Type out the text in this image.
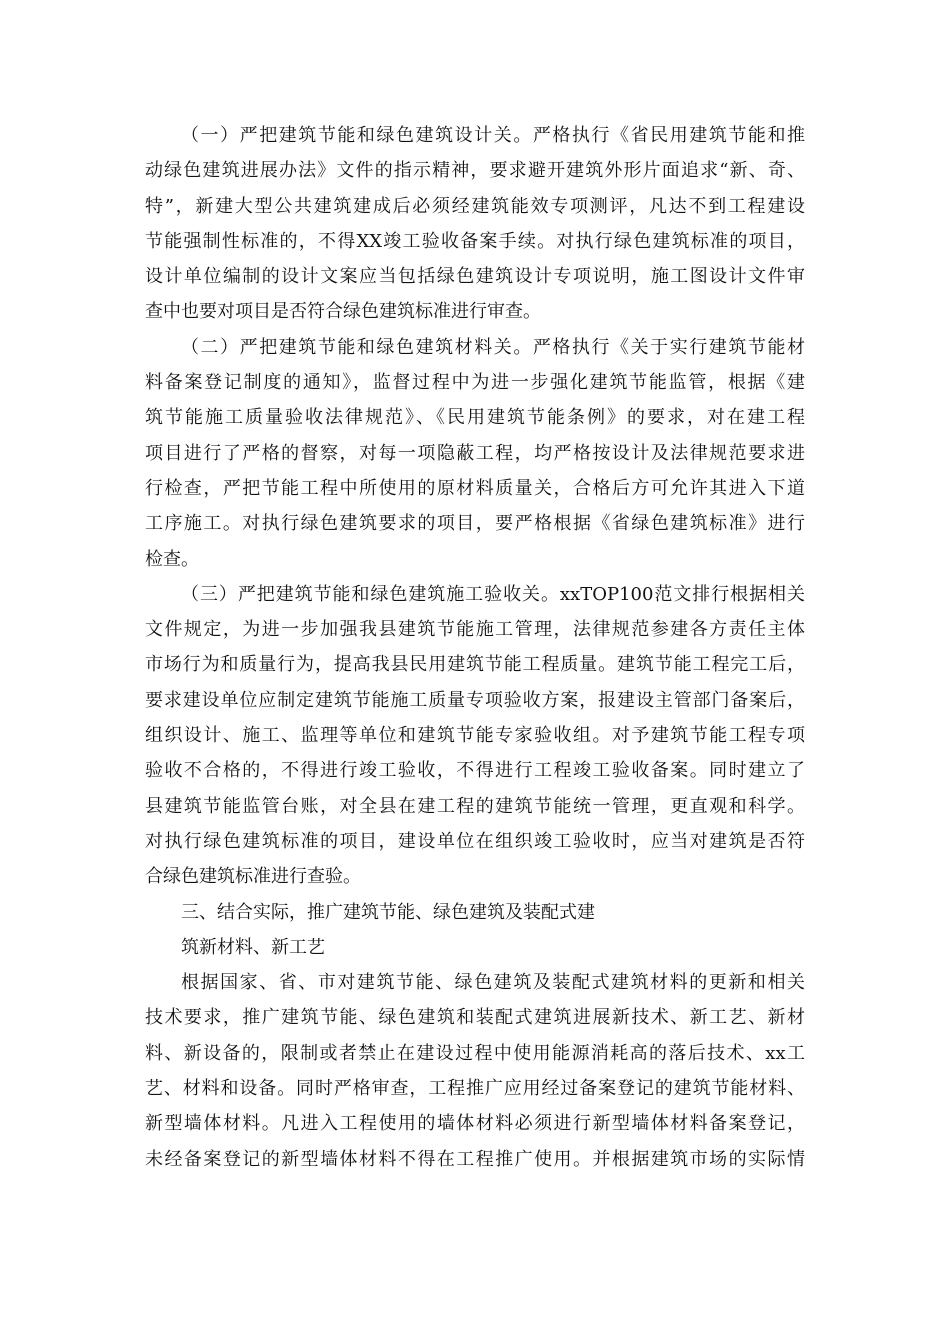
（一）严把建筑节能和绿色建筑设计关。严格执行《省民用建筑节能和推
动绿色建筑进展办法》文件的指示精神，要求避开建筑外形片面追求“新、奇、
特”，新建大型公共建筑建成后必须经建筑能效专项测评，凡达不到工程建设
节能强制性标准的，不得XX竣工验收备案手续。对执行绿色建筑标准的项目，
设计单位编制的设计文案应当包括绿色建筑设计专项说明，施工图设计文件审
查中也要对项目是否符合绿色建筑标准进行审查。

（二）严把建筑节能和绿色建筑材料关。严格执行《关于实行建筑节能材
料备案登记制度的通知》，监督过程中为进一步强化建筑节能监管，根据《建
筑节能施工质量验收法律规范》、《民用建筑节能条例》的要求，对在建工程
项目进行了严格的督察，对每一项隐蔽工程，均严格按设计及法律规范要求进
行检查，严把节能工程中所使用的原材料质量关，合格后方可允许其进入下道
工序施工。对执行绿色建筑要求的项目，要严格根据《省绿色建筑标准》进行
检查。

（三）严把建筑节能和绿色建筑施工验收关。xxTOP100范文排行根据相关
文件规定，为进一步加强我县建筑节能施工管理，法律规范参建各方责任主体
市场行为和质量行为，提高我县民用建筑节能工程质量。建筑节能工程完工后，
要求建设单位应制定建筑节能施工质量专项验收方案，报建设主管部门备案后，
组织设计、施工、监理等单位和建筑节能专家验收组。对予建筑节能工程专项
验收不合格的，不得进行竣工验收，不得进行工程竣工验收备案。同时建立了
县建筑节能监管台账，对全县在建工程的建筑节能统一管理，更直观和科学。
对执行绿色建筑标准的项目，建设单位在组织竣工验收时，应当对建筑是否符
合绿色建筑标准进行查验。

三、结合实际，推广建筑节能、绿色建筑及装配式建
筑新材料、新工艺

根据国家、省、市对建筑节能、绿色建筑及装配式建筑材料的更新和相关
技术要求，推广建筑节能、绿色建筑和装配式建筑进展新技术、新工艺、新材
料、新设备的，限制或者禁止在建设过程中使用能源消耗高的落后技术、xx工
艺、材料和设备。同时严格审查，工程推广应用经过备案登记的建筑节能材料、
新型墙体材料。凡进入工程使用的墙体材料必须进行新型墙体材料备案登记，
未经备案登记的新型墙体材料不得在工程推广使用。并根据建筑市场的实际情
